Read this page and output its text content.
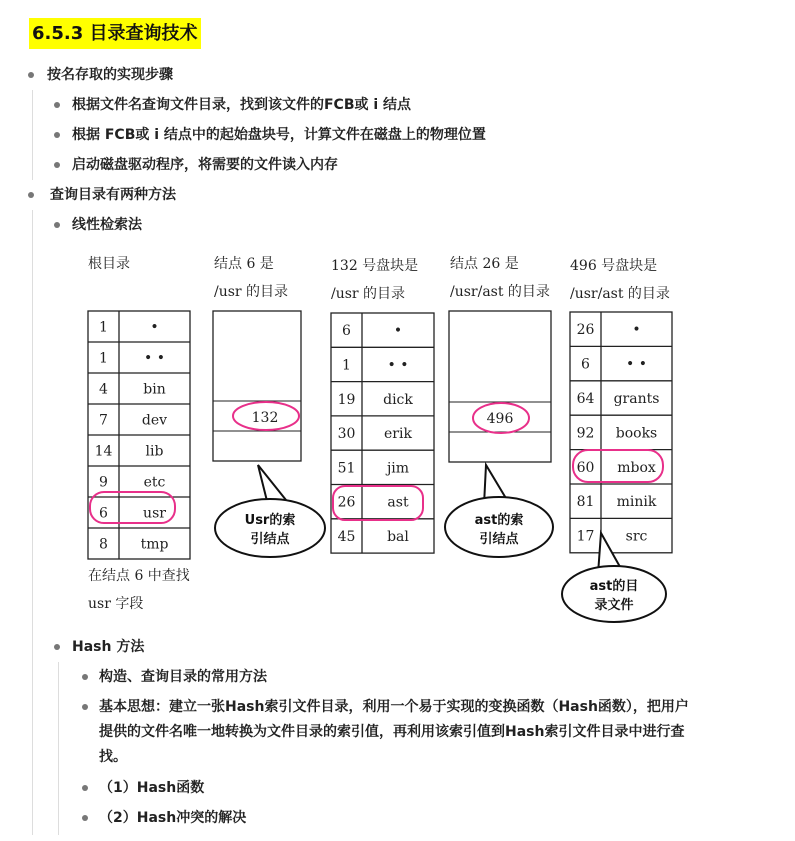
6.5.3 目录查询技术
按名存取的实现步骤
根据文件名查询文件目录，找到该文件的FCB或 i 结点
根据 FCB或 i 结点中的起始盘块号，计算文件在磁盘上的物理位置
启动磁盘驱动程序，将需要的文件读入内存
查询目录有两种方法
线性检索法
根目录	结点 6 是
/usr 的目录
132 号盘块是
/usr 的目录
结点 26 是
/usr/ast 的目录
496 号盘块是
/usr/ast 的目录
在结点 6 中查找
usr 字段
1	•
1	• •
4	bin
7 dev
14 lib
9	etc
6	usr
8 tmp
6	•
1	• •
19 dick
30 erik
51 jim
26 ast
45 bal
26	•
6	• •
64 grants
92 books
60 mbox
81 minik
17 src
132	496
Usr的索
引结点
ast的索
引结点
ast的目
录文件
Hash 方法
构造、查询目录的常用方法
基本思想：建立一张Hash索引文件目录，利用一个易于实现的变换函数（Hash函数），把用户
提供的文件名唯一地转换为文件目录的索引值，再利用该索引值到Hash索引文件目录中进行查
找。
（1）Hash函数
（2）Hash冲突的解决
